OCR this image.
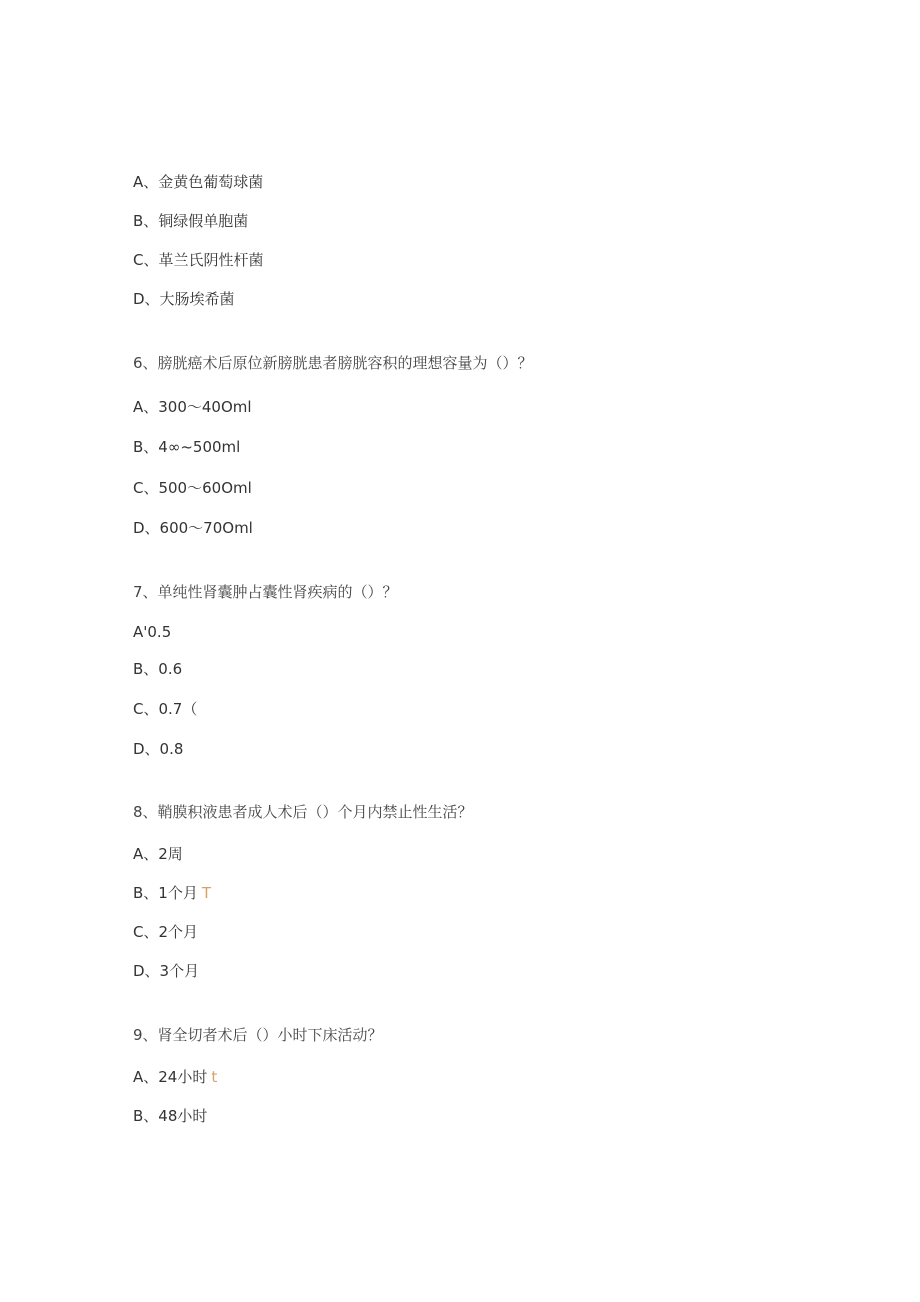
A、金黄色葡萄球菌
B、铜绿假单胞菌
C、革兰氏阴性杆菌
D、大肠埃希菌
6、膀胱癌术后原位新膀胱患者膀胱容积的理想容量为（）？
A、300～40Oml
B、4∞~500ml
C、500～60Oml
D、600～70Oml
7、单纯性肾囊肿占囊性肾疾病的（）？
A'0.5
B、0.6
C、0.7（
D、0.8
8、鞘膜积液患者成人术后（）个月内禁止性生活？
A、2周
B、1个月 T
C、2个月
D、3个月
9、肾全切者术后（）小时下床活动？
A、24小时 t
B、48小时
